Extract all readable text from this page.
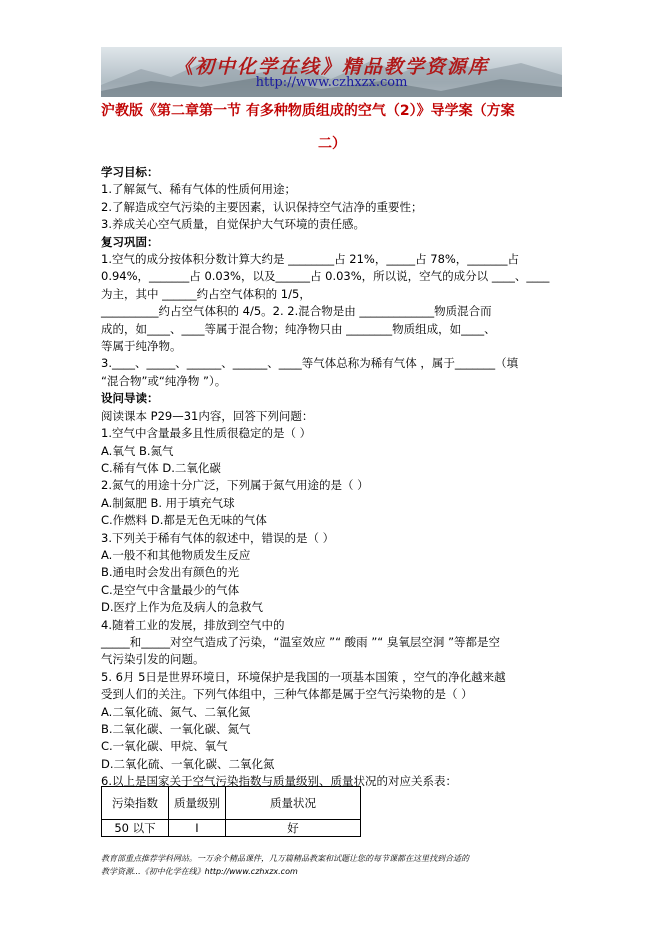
《初中化学在线》精品教学资源库
http://www.czhxzx.com
沪教版《第二章第一节 有多种物质组成的空气（2）》导学案（方案
二）

学习目标：

1.了解氮气、稀有气体的性质何用途；

2.了解造成空气污染的主要因素，认识保持空气洁净的重要性；

3.养成关心空气质量，自觉保护大气环境的责任感。

复习巩固：

1.空气的成分按体积分数计算大约是 ________占 21%，_____占 78%，_______占

0.94%，_______占 0.03%，以及______占 0.03%，所以说，空气的成分以 ____、____

为主，其中 ______约占空气体积的 1/5，

__________约占空气体积的 4/5。2. 2.混合物是由 _____________物质混合而

成的，如____、____等属于混合物；纯净物只由 ________物质组成，如____、

等属于纯净物。

3.____、_____、______、______、____等气体总称为稀有气体 ，属于_______（填

“混合物”或“纯净物 ”）。

设问导读：

阅读课本 P29—31内容，回答下列问题：

1.空气中含量最多且性质很稳定的是（ ）

A.氧气 B.氮气

C.稀有气体 D.二氧化碳

2.氮气的用途十分广泛，下列属于氮气用途的是（ ）

A.制氮肥 B. 用于填充气球

C.作燃料 D.都是无色无味的气体

3.下列关于稀有气体的叙述中，错误的是（ ）

A.一般不和其他物质发生反应

B.通电时会发出有颜色的光

C.是空气中含量最少的气体

D.医疗上作为危及病人的急救气

4.随着工业的发展，排放到空气中的

_____和_____对空气造成了污染，“温室效应 ”“ 酸雨 ”“ 臭氧层空洞 ”等都是空

气污染引发的问题。

5. 6月 5日是世界环境日，环境保护是我国的一项基本国策 ，空气的净化越来越

受到人们的关注。下列气体组中，三种气体都是属于空气污染物的是（ ）

A.二氧化硫、氮气、二氧化氮

B.二氧化碳、一氧化碳、氮气

C.一氧化碳、甲烷、氧气

D.二氧化硫、一氧化碳、二氧化氮

6.以上是国家关于空气污染指数与质量级别、质量状况的对应关系表：

污染指数	质量级别	质量状况
50 以下	I	好

教育部重点推荐学科网站。一万余个精品课件，几万篇精品教案和试题让您的每节课都在这里找到合适的

教学资源...《初中化学在线》http://www.czhxzx.com
